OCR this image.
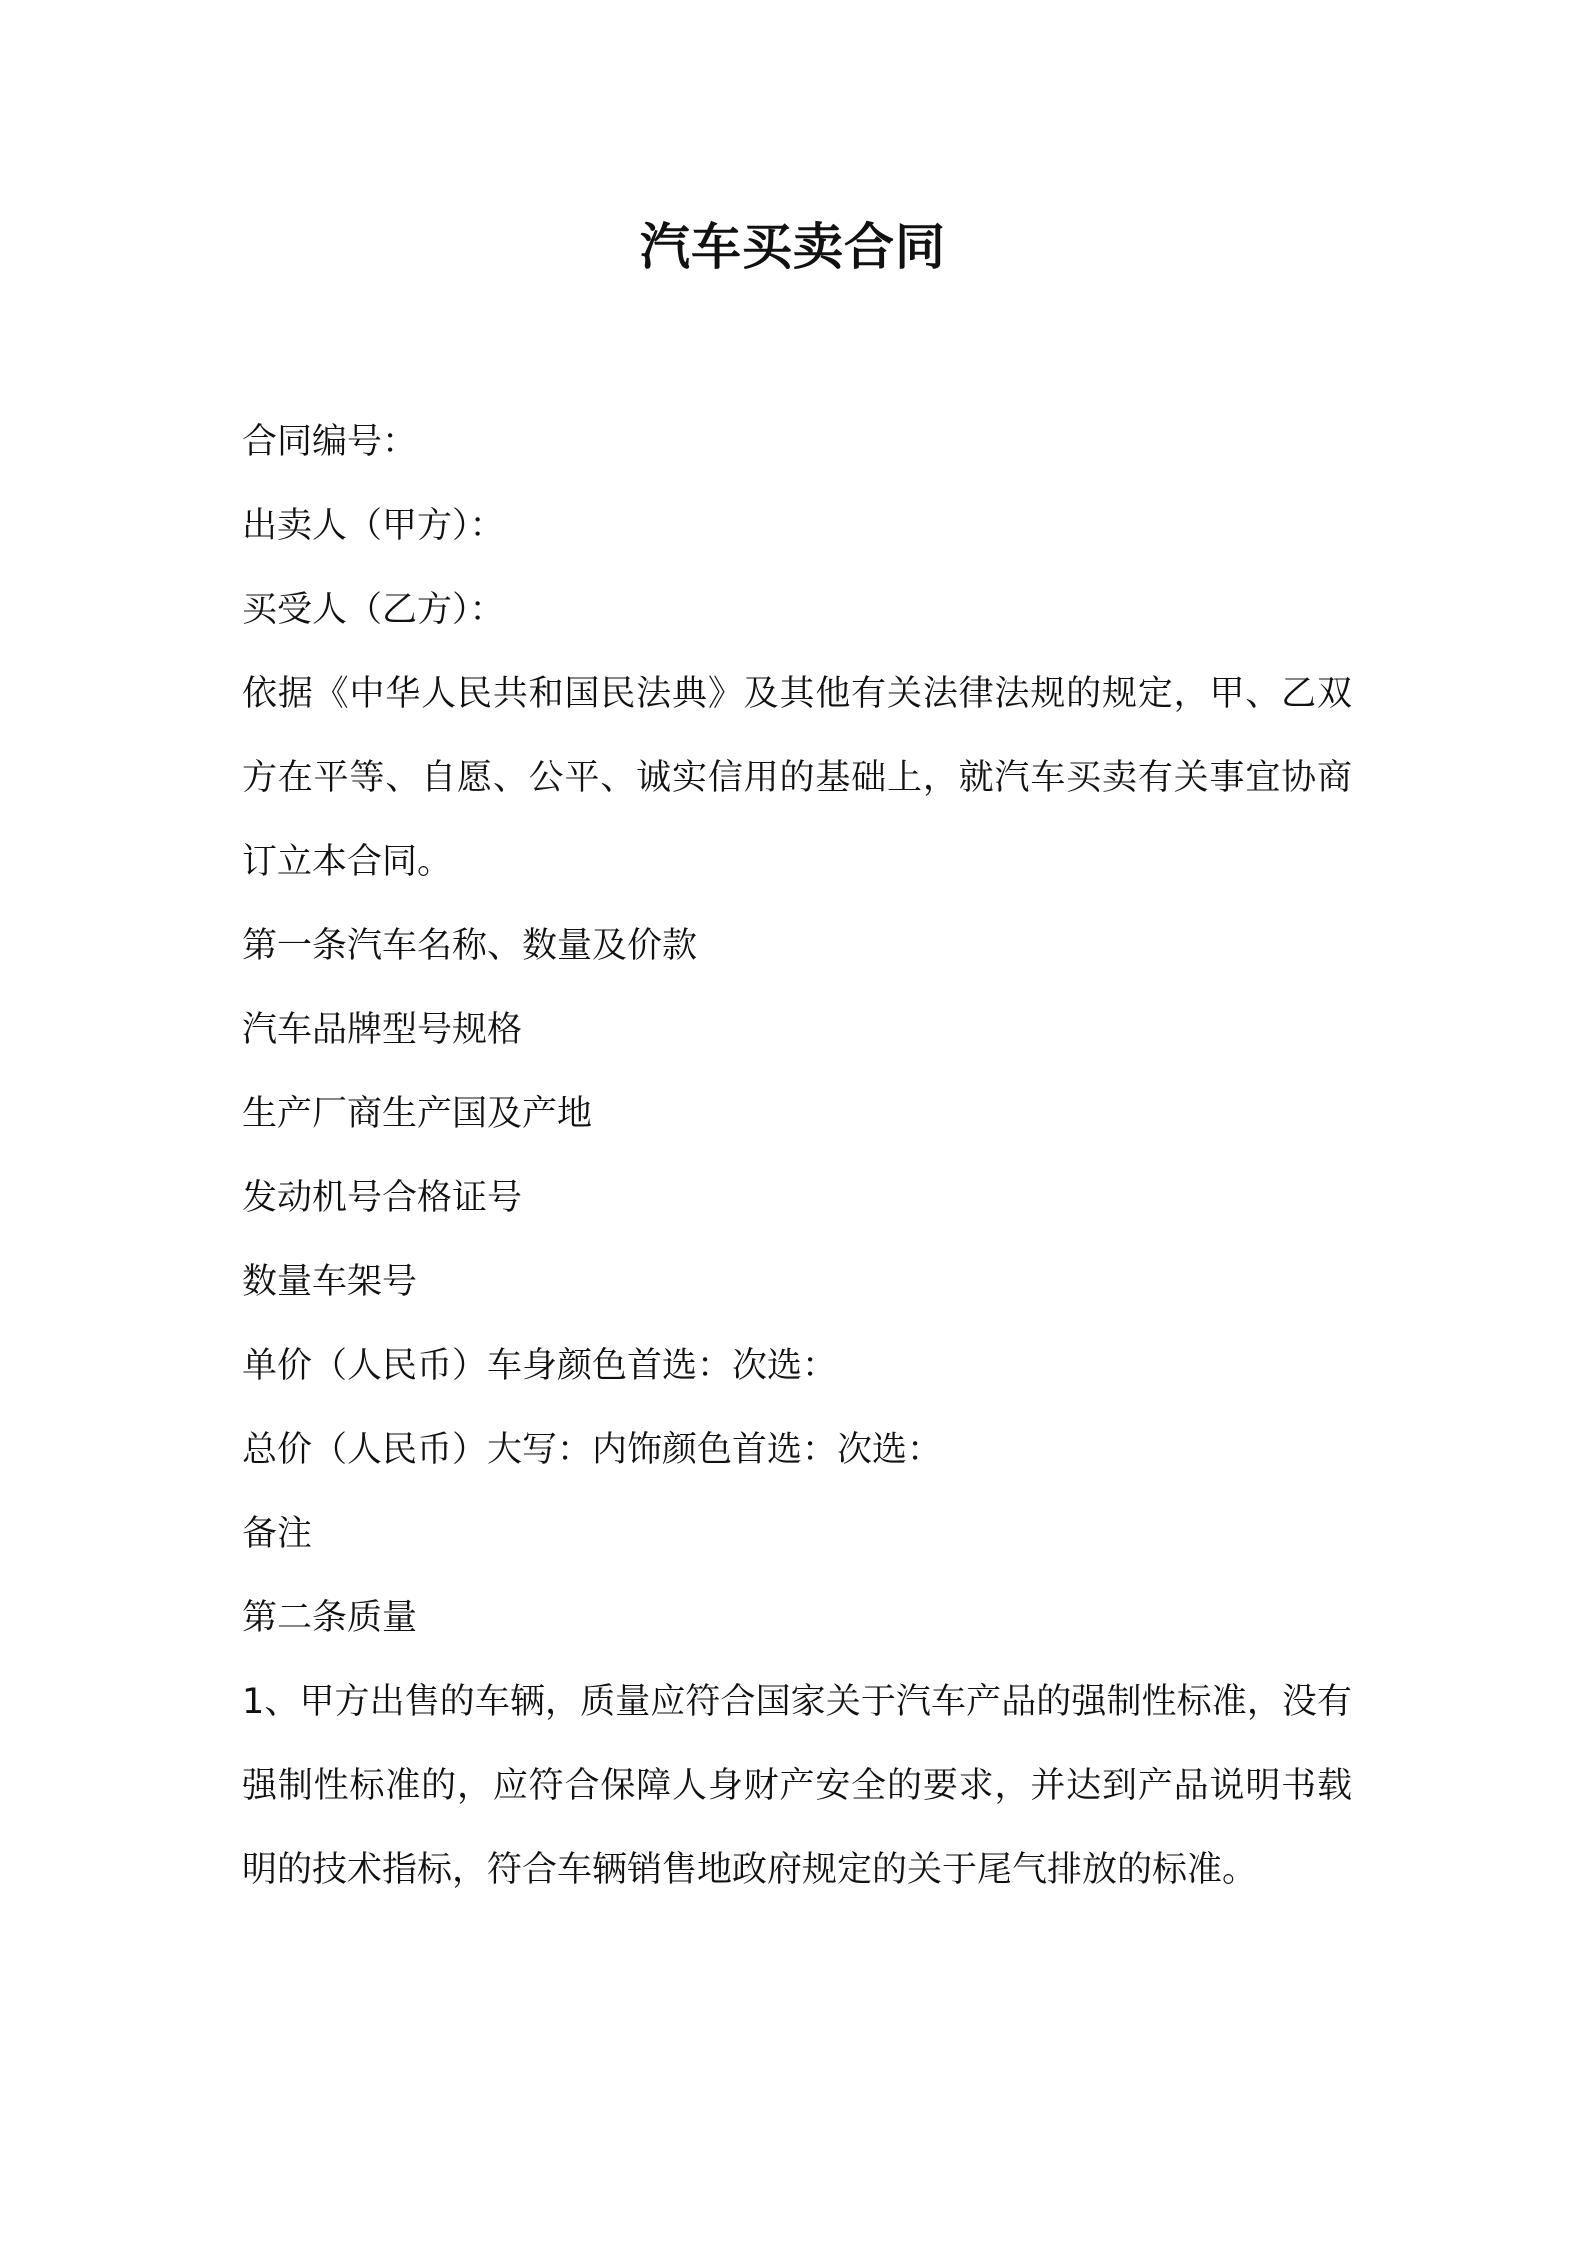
汽车买卖合同
合同编号：
出卖人（甲方）：
买受人（乙方）：
依据《中华人民共和国民法典》及其他有关法律法规的规定，甲、乙双方在平等、自愿、公平、诚实信用的基础上，就汽车买卖有关事宜协商订立本合同。
第一条汽车名称、数量及价款
汽车品牌型号规格
生产厂商生产国及产地
发动机号合格证号
数量车架号
单价（人民币）车身颜色首选：次选：
总价（人民币）大写：内饰颜色首选：次选：
备注
第二条质量
1、甲方出售的车辆，质量应符合国家关于汽车产品的强制性标准，没有强制性标准的，应符合保障人身财产安全的要求，并达到产品说明书载明的技术指标，符合车辆销售地政府规定的关于尾气排放的标准。
